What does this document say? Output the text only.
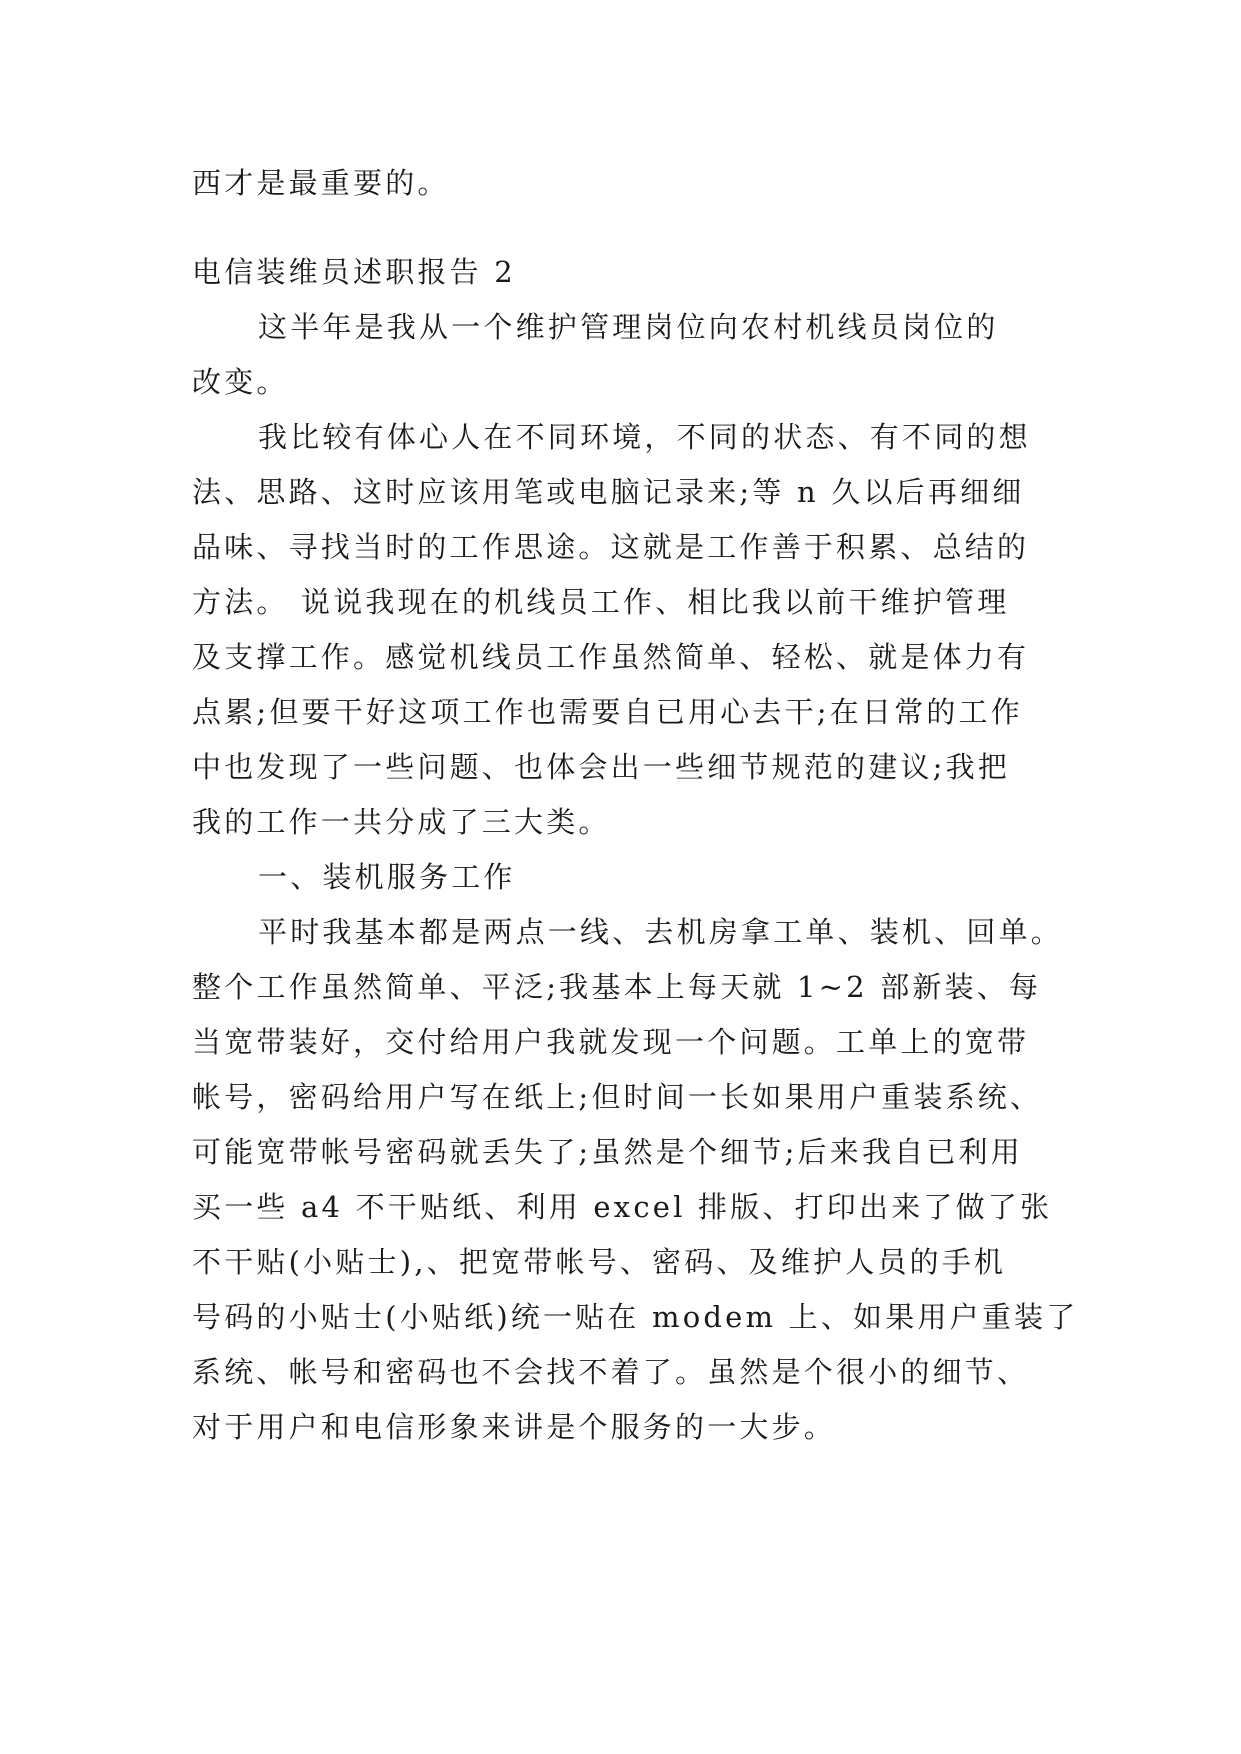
西才是最重要的。

电信装维员述职报告 2

这半年是我从一个维护管理岗位向农村机线员岗位的

改变。

我比较有体心人在不同环境，不同的状态、有不同的想

法、思路、这时应该用笔或电脑记录来;等 n 久以后再细细

品味、寻找当时的工作思途。这就是工作善于积累、总结的

方法。 说说我现在的机线员工作、相比我以前干维护管理

及支撑工作。感觉机线员工作虽然简单、轻松、就是体力有

点累;但要干好这项工作也需要自已用心去干;在日常的工作

中也发现了一些问题、也体会出一些细节规范的建议;我把

我的工作一共分成了三大类。

一、装机服务工作

平时我基本都是两点一线、去机房拿工单、装机、回单。

整个工作虽然简单、平泛;我基本上每天就 1~2 部新装、每

当宽带装好，交付给用户我就发现一个问题。工单上的宽带

帐号，密码给用户写在纸上;但时间一长如果用户重装系统、

可能宽带帐号密码就丢失了;虽然是个细节;后来我自已利用

买一些 a4 不干贴纸、利用 excel 排版、打印出来了做了张

不干贴(小贴士),、把宽带帐号、密码、及维护人员的手机

号码的小贴士(小贴纸)统一贴在 modem 上、如果用户重装了

系统、帐号和密码也不会找不着了。虽然是个很小的细节、

对于用户和电信形象来讲是个服务的一大步。
